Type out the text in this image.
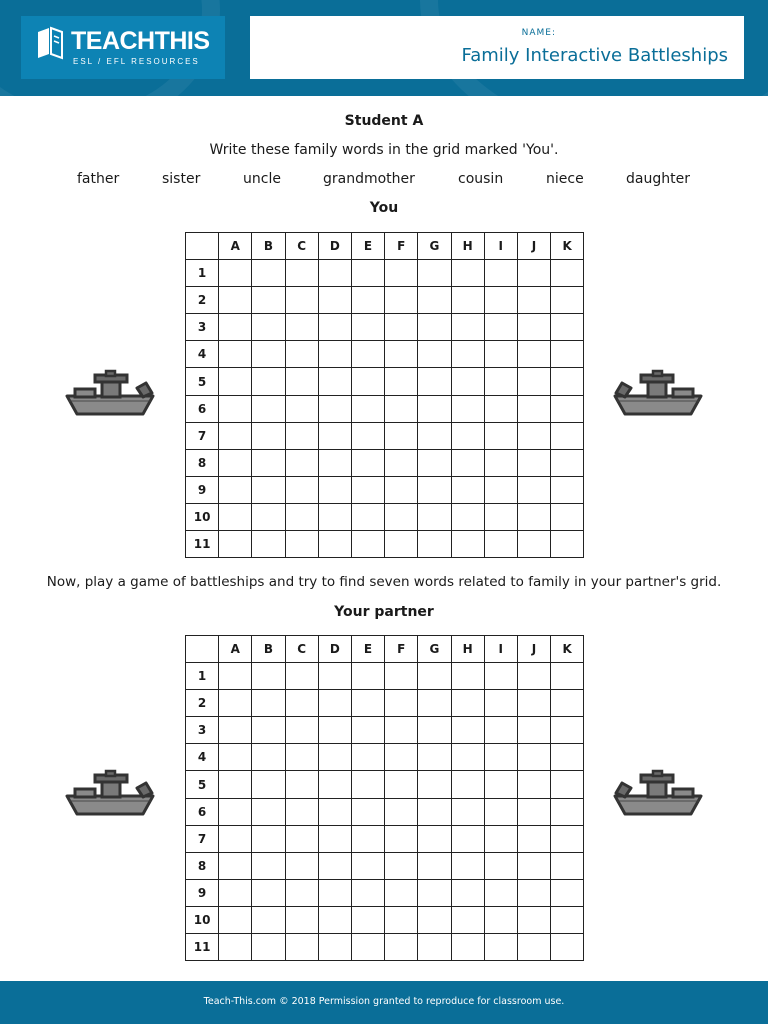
TEACHTHIS
ESL / EFL RESOURCES
NAME:
Family Interactive Battleships
Student A
Write these family words in the grid marked 'You'.
father	sister	uncle	grandmother	cousin	niece	daughter
You
	A	B	C	D	E	F	G	H	I	J	K
1											
2											
3											
4											
5											
6											
7											
8											
9											
10											
11											
Now, play a game of battleships and try to find seven words related to family in your partner's grid.
Your partner
	A	B	C	D	E	F	G	H	I	J	K
1											
2											
3											
4											
5											
6											
7											
8											
9											
10											
11											
Teach-This.com © 2018 Permission granted to reproduce for classroom use.
